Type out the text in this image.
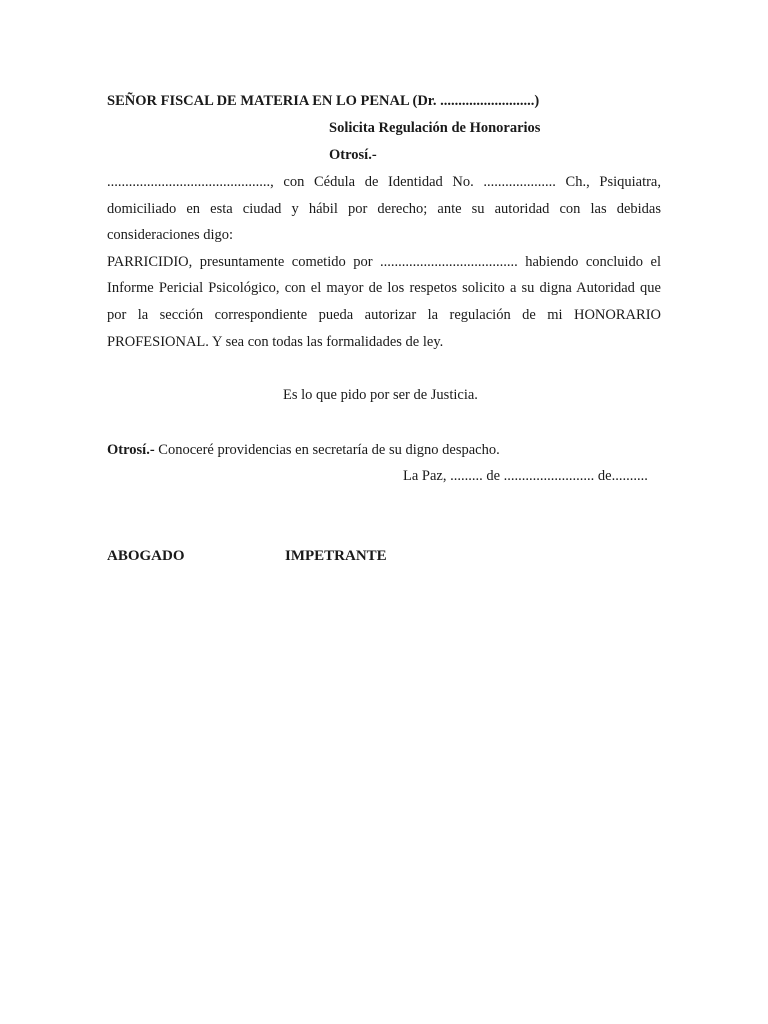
SEÑOR FISCAL DE MATERIA EN LO PENAL (Dr. ..........................)
Solicita Regulación de Honorarios
Otrosí.-
............................................., con Cédula de Identidad No. .................... Ch., Psiquiatra,
domiciliado en esta ciudad y hábil por derecho; ante su autoridad con las debidas
consideraciones digo:
PARRICIDIO, presuntamente cometido por ...................................... habiendo concluido el
Informe Pericial Psicológico, con el mayor de los respetos solicito a su digna Autoridad que
por la sección correspondiente pueda autorizar la regulación de mi HONORARIO
PROFESIONAL. Y sea con todas las formalidades de ley.
Es lo que pido por ser de Justicia.
Otrosí.- Conoceré providencias en secretaría de su digno despacho.
La Paz, ......... de ......................... de..........
ABOGADO	IMPETRANTE
